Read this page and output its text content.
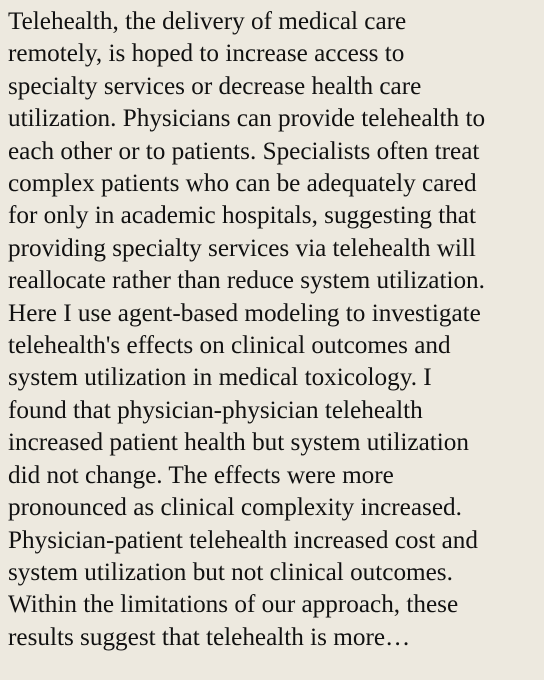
Telehealth, the delivery of medical care
remotely, is hoped to increase access to
specialty services or decrease health care
utilization. Physicians can provide telehealth to
each other or to patients. Specialists often treat
complex patients who can be adequately cared
for only in academic hospitals, suggesting that
providing specialty services via telehealth will
reallocate rather than reduce system utilization.
Here I use agent-based modeling to investigate
telehealth's effects on clinical outcomes and
system utilization in medical toxicology. I
found that physician-physician telehealth
increased patient health but system utilization
did not change. The effects were more
pronounced as clinical complexity increased.
Physician-patient telehealth increased cost and
system utilization but not clinical outcomes.
Within the limitations of our approach, these
results suggest that telehealth is more…
